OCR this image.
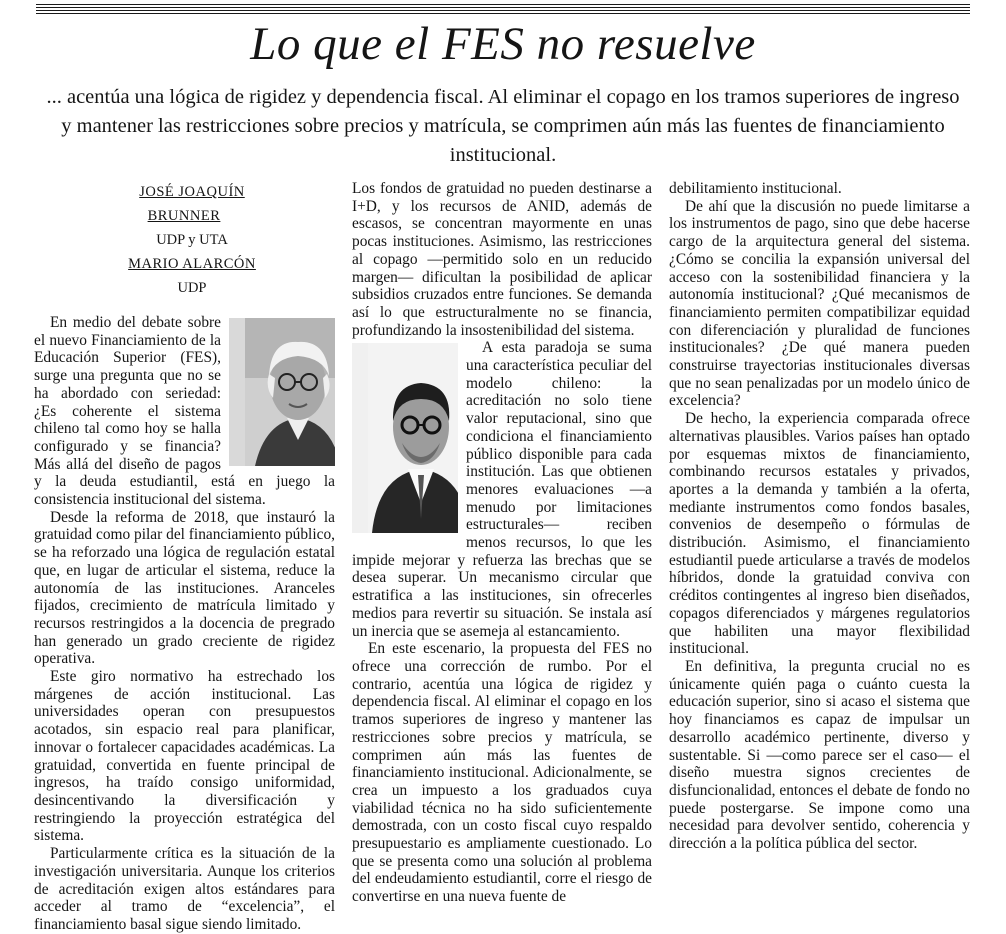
Lo que el FES no resuelve

... acentúa una lógica de rigidez y dependencia fiscal. Al eliminar el copago en los tramos superiores de ingreso y mantener las restricciones sobre precios y matrícula, se comprimen aún más las fuentes de financiamiento institucional.

JOSÉ JOAQUÍN BRUNNER

UDP y UTA

MARIO ALARCÓN

UDP

En medio del debate sobre el nuevo Financiamiento de la Educación Superior (FES), surge una pregunta que no se ha abordado con seriedad: ¿Es coherente el sistema chileno tal como hoy se halla configurado y se financia? Más allá del diseño de pagos y la deuda estudiantil, está en juego la consistencia institucional del sistema.

Desde la reforma de 2018, que instauró la gratuidad como pilar del financiamiento público, se ha reforzado una lógica de regulación estatal que, en lugar de articular el sistema, reduce la autonomía de las instituciones. Aranceles fijados, crecimiento de matrícula limitado y recursos restringidos a la docencia de pregrado han generado un grado creciente de rigidez operativa.

Este giro normativo ha estrechado los márgenes de acción institucional. Las universidades operan con presupuestos acotados, sin espacio real para planificar, innovar o fortalecer capacidades académicas. La gratuidad, convertida en fuente principal de ingresos, ha traído consigo uniformidad, desincentivando la diversificación y restringiendo la proyección estratégica del sistema.

Particularmente crítica es la situación de la investigación universitaria. Aunque los criterios de acreditación exigen altos estándares para acceder al tramo de “excelencia”, el financiamiento basal sigue siendo limitado.

Los fondos de gratuidad no pueden destinarse a I+D, y los recursos de ANID, además de escasos, se concentran mayormente en unas pocas instituciones. Asimismo, las restricciones al copago —permitido solo en un reducido margen— dificultan la posibilidad de aplicar subsidios cruzados entre funciones. Se demanda así lo que estructuralmente no se financia, profundizando la insostenibilidad del sistema.

A esta paradoja se suma una característica peculiar del modelo chileno: la acreditación no solo tiene valor reputacional, sino que condiciona el financiamiento público disponible para cada institución. Las que obtienen menores evaluaciones —a menudo por limitaciones estructurales— reciben menos recursos, lo que les impide mejorar y refuerza las brechas que se desea superar. Un mecanismo circular que estratifica a las instituciones, sin ofrecerles medios para revertir su situación. Se instala así un inercia que se asemeja al estancamiento.

En este escenario, la propuesta del FES no ofrece una corrección de rumbo. Por el contrario, acentúa una lógica de rigidez y dependencia fiscal. Al eliminar el copago en los tramos superiores de ingreso y mantener las restricciones sobre precios y matrícula, se comprimen aún más las fuentes de financiamiento institucional. Adicionalmente, se crea un impuesto a los graduados cuya viabilidad técnica no ha sido suficientemente demostrada, con un costo fiscal cuyo respaldo presupuestario es ampliamente cuestionado. Lo que se presenta como una solución al problema del endeudamiento estudiantil, corre el riesgo de convertirse en una nueva fuente de

debilitamiento institucional.

De ahí que la discusión no puede limitarse a los instrumentos de pago, sino que debe hacerse cargo de la arquitectura general del sistema. ¿Cómo se concilia la expansión universal del acceso con la sostenibilidad financiera y la autonomía institucional? ¿Qué mecanismos de financiamiento permiten compatibilizar equidad con diferenciación y pluralidad de funciones institucionales? ¿De qué manera pueden construirse trayectorias institucionales diversas que no sean penalizadas por un modelo único de excelencia?

De hecho, la experiencia comparada ofrece alternativas plausibles. Varios países han optado por esquemas mixtos de financiamiento, combinando recursos estatales y privados, aportes a la demanda y también a la oferta, mediante instrumentos como fondos basales, convenios de desempeño o fórmulas de distribución. Asimismo, el financiamiento estudiantil puede articularse a través de modelos híbridos, donde la gratuidad conviva con créditos contingentes al ingreso bien diseñados, copagos diferenciados y márgenes regulatorios que habiliten una mayor flexibilidad institucional.

En definitiva, la pregunta crucial no es únicamente quién paga o cuánto cuesta la educación superior, sino si acaso el sistema que hoy financiamos es capaz de impulsar un desarrollo académico pertinente, diverso y sustentable. Si —como parece ser el caso— el diseño muestra signos crecientes de disfuncionalidad, entonces el debate de fondo no puede postergarse. Se impone como una necesidad para devolver sentido, coherencia y dirección a la política pública del sector.
